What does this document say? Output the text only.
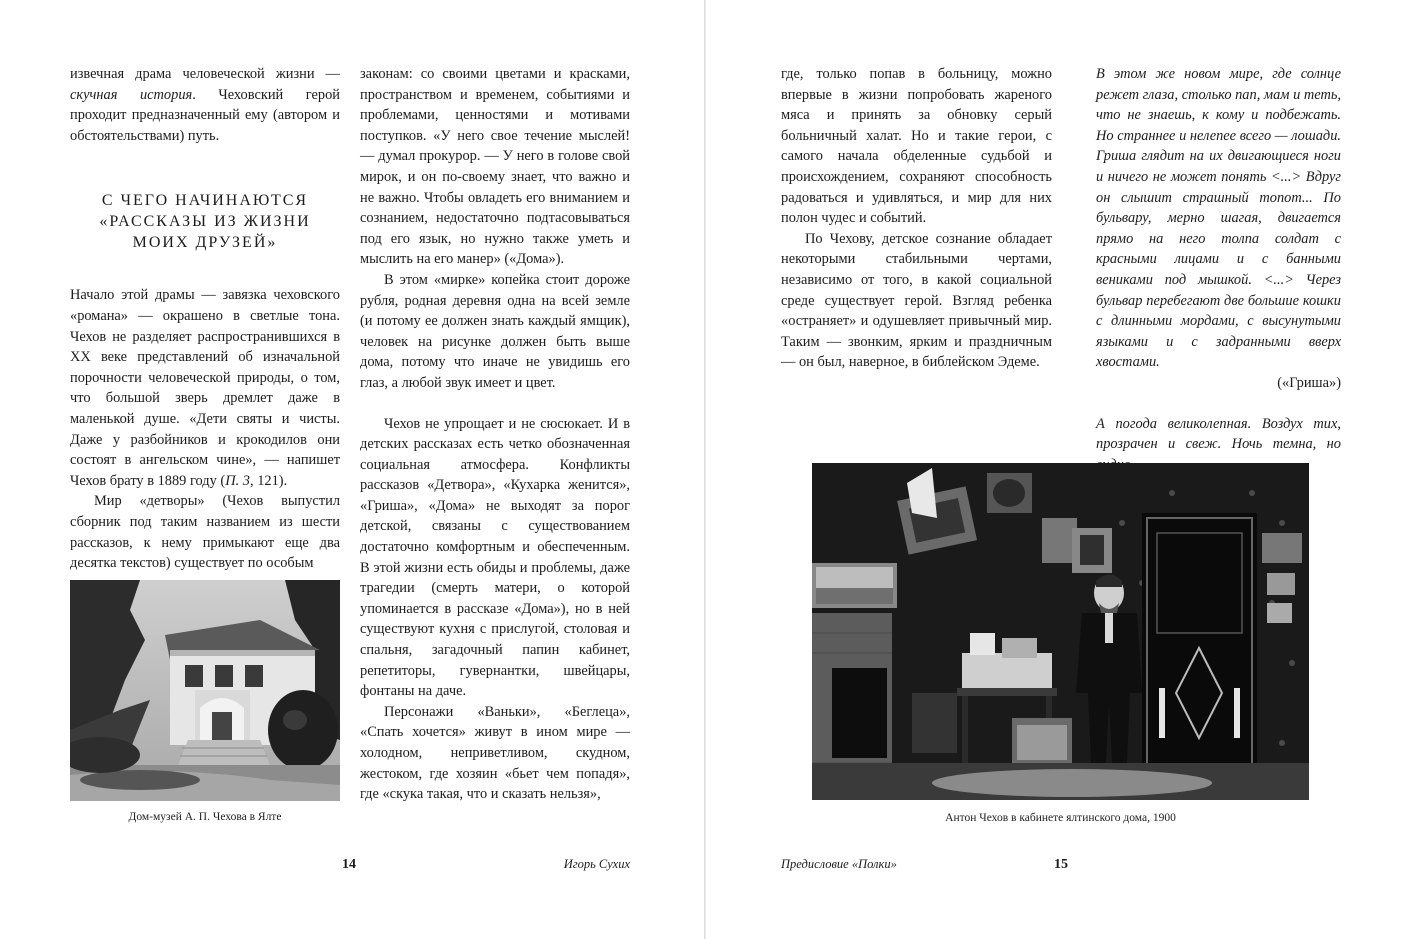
извечная драма человеческой жизни — скучная история. Чеховский герой проходит предназначенный ему (автором и обстоятельствами) путь.

С ЧЕГО НАЧИНАЮТСЯ «РАССКАЗЫ ИЗ ЖИЗНИ МОИХ ДРУЗЕЙ»

Начало этой драмы — завязка чеховского «романа» — окрашено в светлые тона. Чехов не разделяет распространившихся в XX веке представлений об изначальной порочности человеческой природы, о том, что большой зверь дремлет даже в маленькой душе. «Дети святы и чисты. Даже у разбойников и крокодилов они состоят в ангельском чине», — напишет Чехов брату в 1889 году (П. 3, 121).

Мир «детворы» (Чехов выпустил сборник под таким названием из шести рассказов, к нему примыкают еще два десятка текстов) существует по особым

Дом-музей А. П. Чехова в Ялте

законам: со своими цветами и красками, пространством и временем, событиями и проблемами, ценностями и мотивами поступков. «У него свое течение мыслей! — думал прокурор. — У него в голове свой мирок, и он по-своему знает, что важно и не важно. Чтобы овладеть его вниманием и сознанием, недостаточно подтасовываться под его язык, но нужно также уметь и мыслить на его манер» («Дома»).

В этом «мирке» копейка стоит дороже рубля, родная деревня одна на всей земле (и потому ее должен знать каждый ямщик), человек на рисунке должен быть выше дома, потому что иначе не увидишь его глаз, а любой звук имеет и цвет.

Чехов не упрощает и не сюсюкает. И в детских рассказах есть четко обозначенная социальная атмосфера. Конфликты рассказов «Детвора», «Кухарка женится», «Гриша», «Дома» не выходят за порог детской, связаны с существованием достаточно комфортным и обеспеченным. В этой жизни есть обиды и проблемы, даже трагедии (смерть матери, о которой упоминается в рассказе «Дома»), но в ней существуют кухня с прислугой, столовая и спальня, загадочный папин кабинет, репетиторы, гувернантки, швейцары, фонтаны на даче.

Персонажи «Ваньки», «Беглеца», «Спать хочется» живут в ином мире — холодном, неприветливом, скудном, жестоком, где хозяин «бьет чем попадя», где «скука такая, что и сказать нельзя»,

14	Игорь Сухих

где, только попав в больницу, можно впервые в жизни попробовать жареного мяса и принять за обновку серый больничный халат. Но и такие герои, с самого начала обделенные судьбой и происхождением, сохраняют способность радоваться и удивляться, и мир для них полон чудес и событий.

По Чехову, детское сознание обладает некоторыми стабильными чертами, независимо от того, в какой социальной среде существует герой. Взгляд ребенка «остраняет» и одушевляет привычный мир. Таким — звонким, ярким и праздничным — он был, наверное, в библейском Эдеме.

В этом же новом мире, где солнце режет глаза, столько пап, мам и теть, что не знаешь, к кому и подбежать. Но страннее и нелепее всего — лошади. Гриша глядит на их двигающиеся ноги и ничего не может понять <...> Вдруг он слышит страшный топот... По бульвару, мерно шагая, двигается прямо на него толпа солдат с красными лицами и с банными вениками под мышкой. <...> Через бульвар перебегают две большие кошки с длинными мордами, с высунутыми языками и с задранными вверх хвостами.

(«Гриша»)

А погода великолепная. Воздух тих, прозрачен и свеж. Ночь темна, но

Антон Чехов в кабинете ялтинского дома, 1900
Предисловие «Полки»	15
